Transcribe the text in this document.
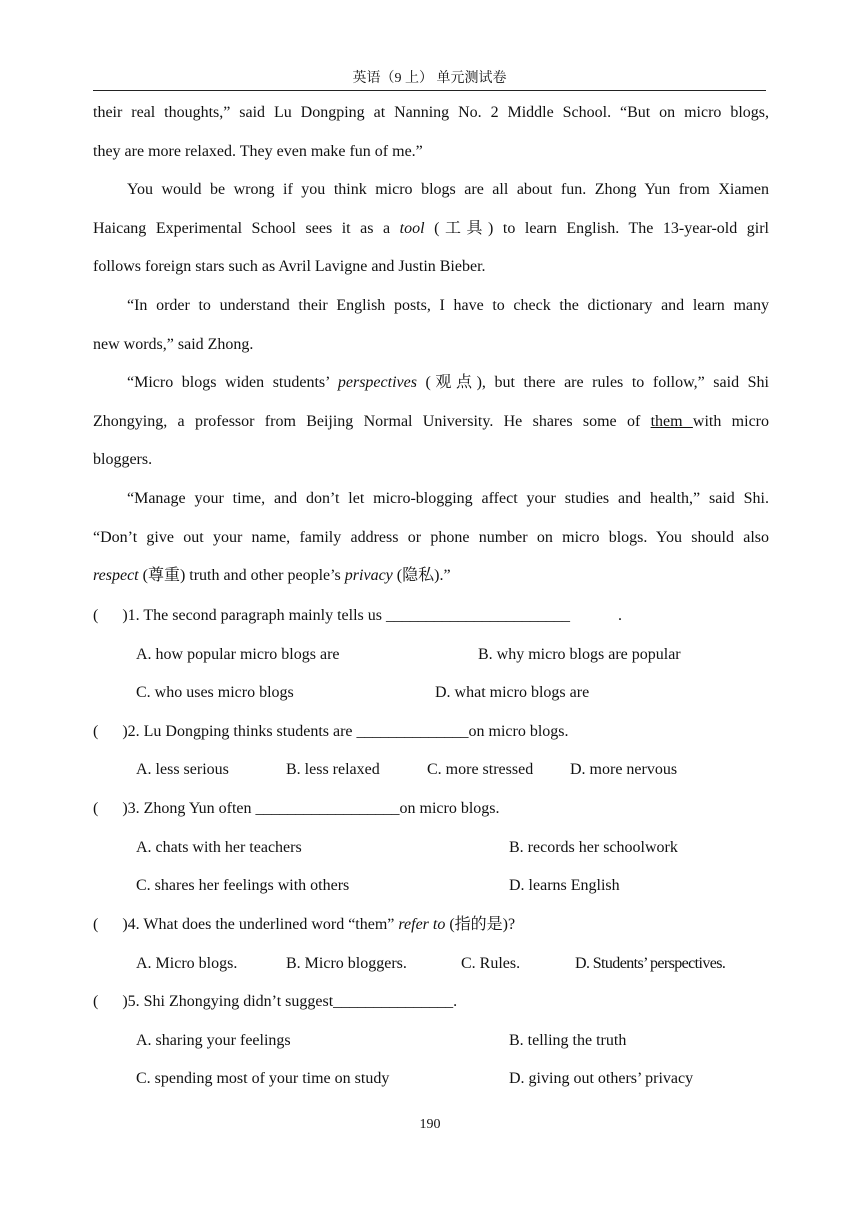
英语（9 上） 单元测试卷
their real thoughts,” said Lu Dongping at Nanning No. 2 Middle School. “But on micro blogs,
they are more relaxed. They even make fun of me.”
You would be wrong if you think micro blogs are all about fun. Zhong Yun from Xiamen
Haicang Experimental School sees it as a tool (工具) to learn English. The 13-year-old girl
follows foreign stars such as Avril Lavigne and Justin Bieber.
“In order to understand their English posts, I have to check the dictionary and learn many
new words,” said Zhong.
“Micro blogs widen students’ perspectives (观点), but there are rules to follow,” said Shi
Zhongying, a professor from Beijing Normal University. He shares some of them with micro
bloggers.
“Manage your time, and don’t let micro-blogging affect your studies and health,” said Shi.
“Don’t give out your name, family address or phone number on micro blogs. You should also
respect (尊重) truth and other people’s privacy (隐私).”
(      )1. The second paragraph mainly tells us _______________________            .
A. how popular micro blogs are	B. why micro blogs are popular
C. who uses micro blogs	D. what micro blogs are
(      )2. Lu Dongping thinks students are ______________on micro blogs.
A. less serious	B. less relaxed	C. more stressed D. more nervous
(      )3. Zhong Yun often __________________on micro blogs.
A. chats with her teachers	B. records her schoolwork
C. shares her feelings with others	D. learns English
(      )4. What does the underlined word “them” refer to (指的是)?
A. Micro blogs.	B. Micro bloggers.	C. Rules.	D. Students’ perspectives.
(      )5. Shi Zhongying didn’t suggest_______________.
A. sharing your feelings	B. telling the truth
C. spending most of your time on study	D. giving out others’ privacy
190
